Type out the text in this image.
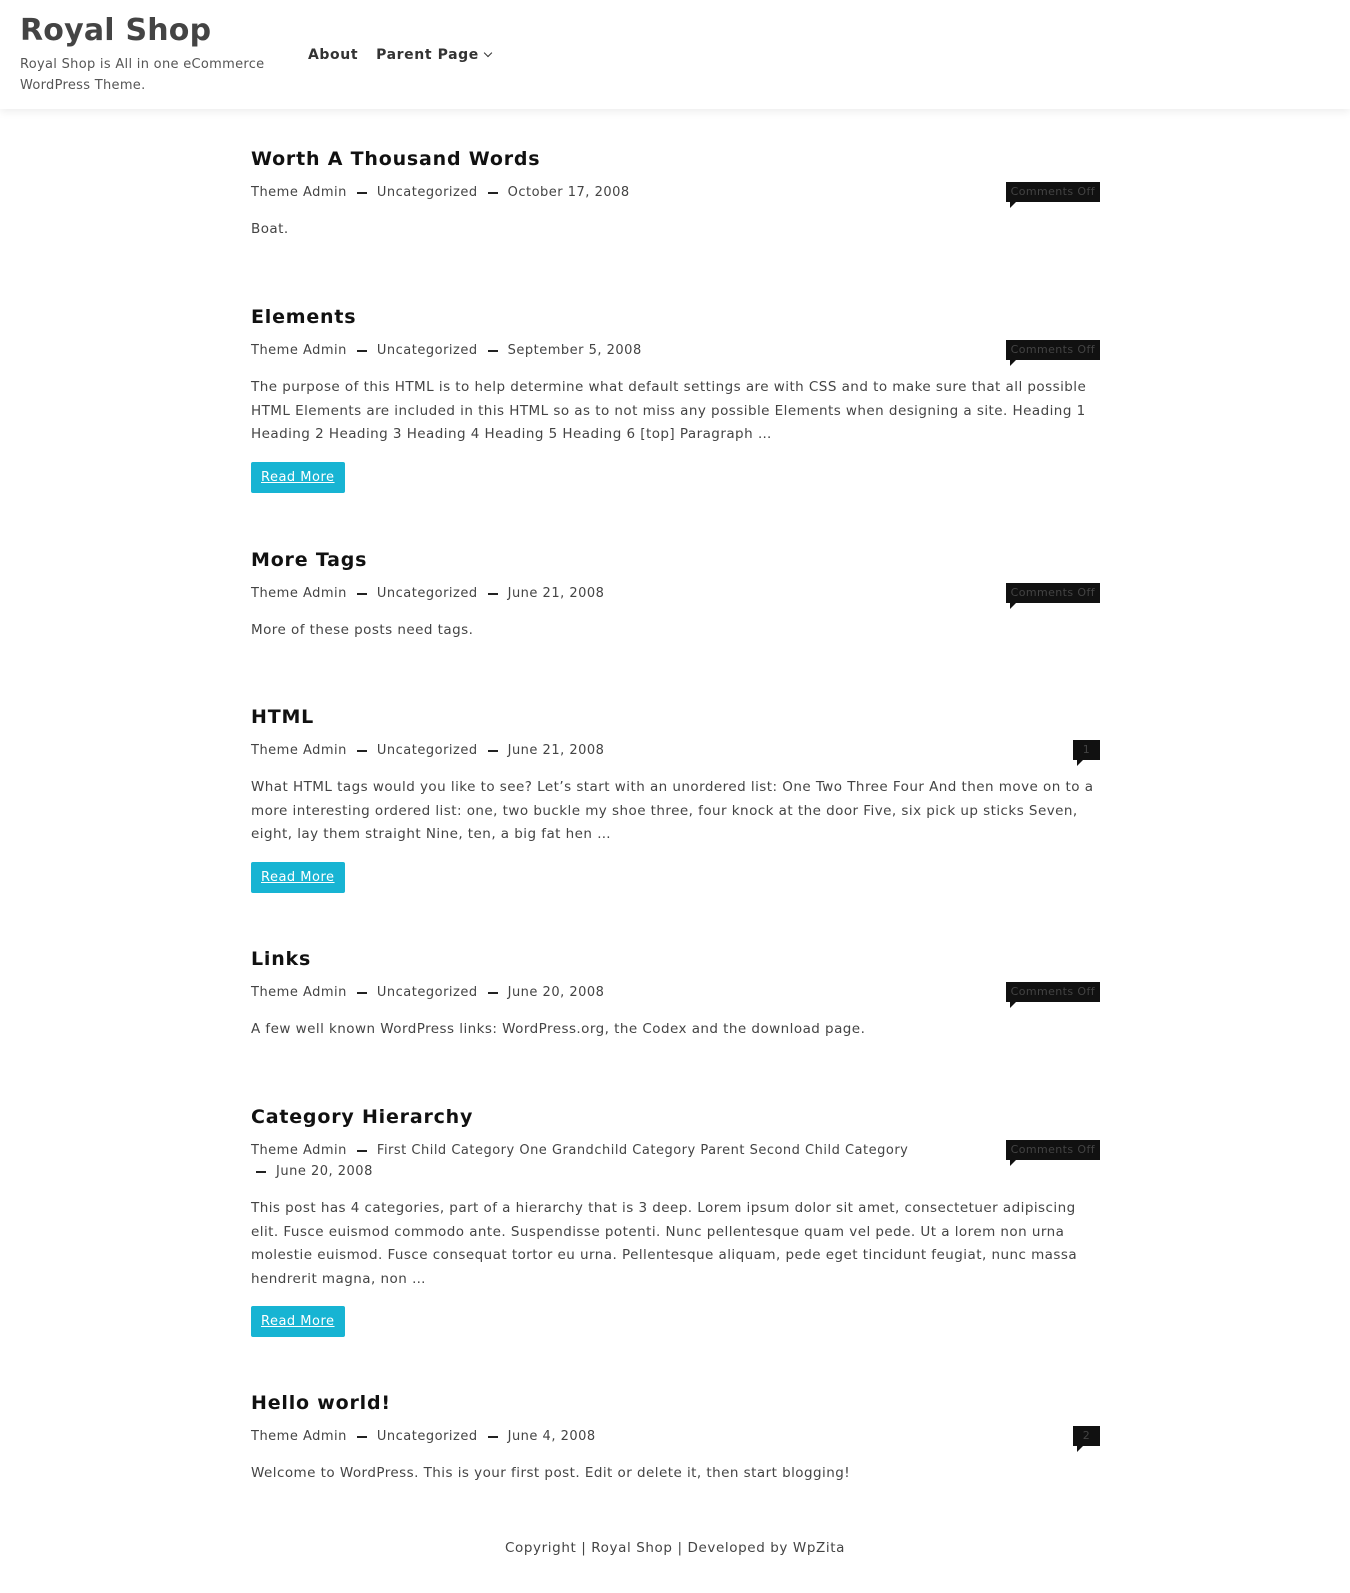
Royal Shop

Royal Shop is All in one eCommerce WordPress Theme.

About Parent Page
Worth A Thousand Words
Theme Admin Uncategorized October 17, 2008	Comments Off

Boat.

Elements
Theme Admin Uncategorized September 5, 2008	Comments Off

The purpose of this HTML is to help determine what default settings are with CSS and to make sure that all possible HTML Elements are included in this HTML so as to not miss any possible Elements when designing a site. Heading 1 Heading 2 Heading 3 Heading 4 Heading 5 Heading 6 [top] Paragraph …

Read More
More Tags
Theme Admin Uncategorized June 21, 2008	Comments Off

More of these posts need tags.

HTML
Theme Admin Uncategorized June 21, 2008	1

What HTML tags would you like to see? Let’s start with an unordered list: One Two Three Four And then move on to a more interesting ordered list: one, two buckle my shoe three, four knock at the door Five, six pick up sticks Seven, eight, lay them straight Nine, ten, a big fat hen …

Read More
Links
Theme Admin Uncategorized June 20, 2008	Comments Off

A few well known WordPress links: WordPress.org, the Codex and the download page.

Category Hierarchy
Theme Admin First Child Category One Grandchild Category Parent Second Child Category
June 20, 2008
Comments Off

This post has 4 categories, part of a hierarchy that is 3 deep. Lorem ipsum dolor sit amet, consectetuer adipiscing elit. Fusce euismod commodo ante. Suspendisse potenti. Nunc pellentesque quam vel pede. Ut a lorem non urna molestie euismod. Fusce consequat tortor eu urna. Pellentesque aliquam, pede eget tincidunt feugiat, nunc massa hendrerit magna, non …

Read More
Hello world!
Theme Admin Uncategorized June 4, 2008	2

Welcome to WordPress. This is your first post. Edit or delete it, then start blogging!

Copyright | Royal Shop | Developed by WpZita
